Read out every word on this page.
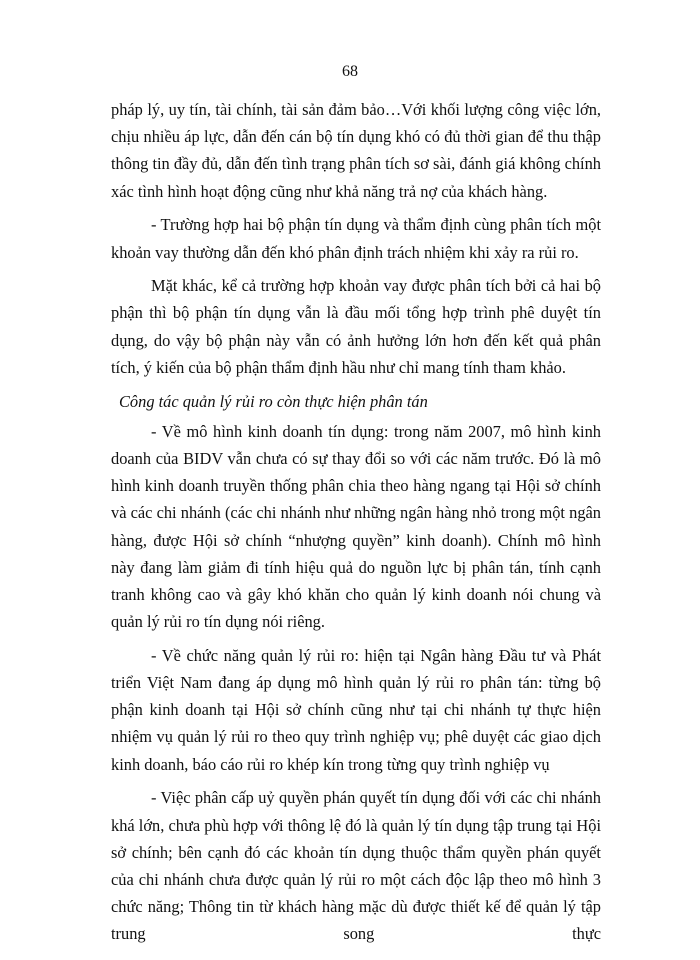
68

pháp lý, uy tín, tài chính, tài sản đảm bảo…Với khối lượng công việc lớn, chịu nhiều áp lực, dẫn đến cán bộ tín dụng khó có đủ thời gian để thu thập thông tin đầy đủ, dẫn đến tình trạng phân tích sơ sài, đánh giá không chính xác tình hình hoạt động cũng như khả năng trả nợ của khách hàng.

- Trường hợp hai bộ phận tín dụng và thẩm định cùng phân tích một khoản vay thường dẫn đến khó phân định trách nhiệm khi xảy ra rủi ro.

Mặt khác, kể cả trường hợp khoản vay được phân tích bởi cả hai bộ phận thì bộ phận tín dụng vẫn là đầu mối tổng hợp trình phê duyệt tín dụng, do vậy bộ phận này vẫn có ảnh hưởng lớn hơn đến kết quả phân tích, ý kiến của bộ phận thẩm định hầu như chỉ mang tính tham khảo.

Công tác quản lý rủi ro còn thực hiện phân tán

- Về mô hình kinh doanh tín dụng: trong năm 2007, mô hình kinh doanh của BIDV vẫn chưa có sự thay đổi so với các năm trước. Đó là mô hình kinh doanh truyền thống phân chia theo hàng ngang tại Hội sở chính và các chi nhánh (các chi nhánh như những ngân hàng nhỏ trong một ngân hàng, được Hội sở chính “nhượng quyền” kinh doanh). Chính mô hình này đang làm giảm đi tính hiệu quả do nguồn lực bị phân tán, tính cạnh tranh không cao và gây khó khăn cho quản lý kinh doanh nói chung và quản lý rủi ro tín dụng nói riêng.

- Về chức năng quản lý rủi ro: hiện tại Ngân hàng Đầu tư và Phát triển Việt Nam đang áp dụng mô hình quản lý rủi ro phân tán: từng bộ phận kinh doanh tại Hội sở chính cũng như tại chi nhánh tự thực hiện nhiệm vụ quản lý rủi ro theo quy trình nghiệp vụ; phê duyệt các giao dịch kinh doanh, báo cáo rủi ro khép kín trong từng quy trình nghiệp vụ

- Việc phân cấp uỷ quyền phán quyết tín dụng đối với các chi nhánh khá lớn, chưa phù hợp với thông lệ đó là quản lý tín dụng tập trung tại Hội sở chính; bên cạnh đó các khoản tín dụng thuộc thẩm quyền phán quyết của chi nhánh chưa được quản lý rủi ro một cách độc lập theo mô hình 3 chức năng; Thông tin từ khách hàng mặc dù được thiết kế để quản lý tập trung song thực
